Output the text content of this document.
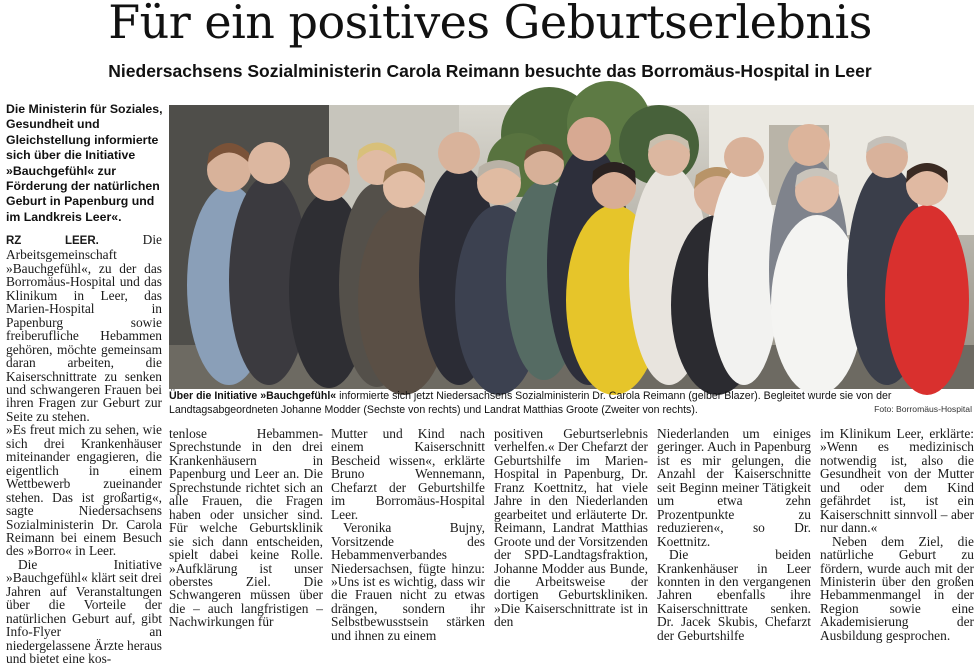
Für ein positives Geburtserlebnis
Niedersachsens Sozialministerin Carola Reimann besuchte das Borromäus-Hospital in Leer
Die Ministerin für Soziales, Gesundheit und Gleichstellung informierte sich über die Initiative »Bauchgefühl« zur Förderung der natürlichen Geburt in Papenburg und im Landkreis Leer«.

RZ LEER.	Die Arbeitsgemeinschaft »Bauchgefühl«, zu der das Borromäus-Hospital und das Klinikum in Leer, das Marien-Hospital in Papenburg sowie freiberufliche Hebammen gehören, möchte gemeinsam daran arbeiten, die Kaiserschnittrate zu senken und schwangeren Frauen bei ihren Fragen zur Geburt zur Seite zu stehen.

»Es freut mich zu sehen, wie sich drei Krankenhäuser miteinander engagieren, die eigentlich in einem Wettbewerb zueinander stehen. Das ist großartig«, sagte Niedersachsens Sozialministerin Dr. Carola Reimann bei einem Besuch des »Borro« in Leer.

Die Initiative »Bauchgefühl« klärt seit drei Jahren auf Veranstaltungen über die Vorteile der natürlichen Geburt auf, gibt Info-Flyer an niedergelassene Ärzte heraus und bietet eine kos-

Über die Initiative »Bauchgefühl« informierte sich jetzt Niedersachsens Sozialministerin Dr. Carola Reimann (gelber Blazer). Begleitet wurde sie von der Landtagsabgeordneten Johanne Modder (Sechste von rechts) und Landrat Matthias Groote (Zweiter von rechts).	Foto: Borromäus-Hospital

tenlose Hebammen-Sprechstunde in den drei Krankenhäusern in Papenburg und Leer an. Die Sprechstunde richtet sich an alle Frauen, die Fragen haben oder unsicher sind. Für welche Geburtsklinik sie sich dann entscheiden, spielt dabei keine Rolle. »Aufklärung ist unser oberstes Ziel. Die Schwangeren müssen über die – auch langfristigen – Nachwirkungen für

Mutter und Kind nach einem Kaiserschnitt Bescheid wissen«, erklärte Bruno Wennemann, Chefarzt der Geburtshilfe im Borromäus-Hospital Leer.

Veronika Bujny, Vorsitzende des Hebammenverbandes Niedersachsen, fügte hinzu: »Uns ist es wichtig, dass wir die Frauen nicht zu etwas drängen, sondern ihr Selbstbewusstsein stärken und ihnen zu einem

positiven Geburtserlebnis verhelfen.« Der Chefarzt der Geburtshilfe im Marien-Hospital in Papenburg, Dr. Franz Koettnitz, hat viele Jahre in den Niederlanden gearbeitet und erläuterte Dr. Reimann, Landrat Matthias Groote und der Vorsitzenden der SPD-Landtagsfraktion, Johanne Modder aus Bunde, die Arbeitsweise der dortigen Geburtskliniken. »Die Kaiserschnittrate ist in den

Niederlanden um einiges geringer. Auch in Papenburg ist es mir gelungen, die Anzahl der Kaiserschnitte seit Beginn meiner Tätigkeit um etwa zehn Prozentpunkte zu reduzieren«, so Dr. Koettnitz.

Die beiden Krankenhäuser in Leer konnten in den vergangenen Jahren ebenfalls ihre Kaiserschnittrate senken. Dr. Jacek Skubis, Chefarzt der Geburtshilfe

im Klinikum Leer, erklärte: »Wenn es medizinisch notwendig ist, also die Gesundheit von der Mutter und oder dem Kind gefährdet ist, ist ein Kaiserschnitt sinnvoll – aber nur dann.«

Neben dem Ziel, die natürliche Geburt zu fördern, wurde auch mit der Ministerin über den großen Hebammenmangel in der Region sowie eine Akademisierung der Ausbildung gesprochen.
